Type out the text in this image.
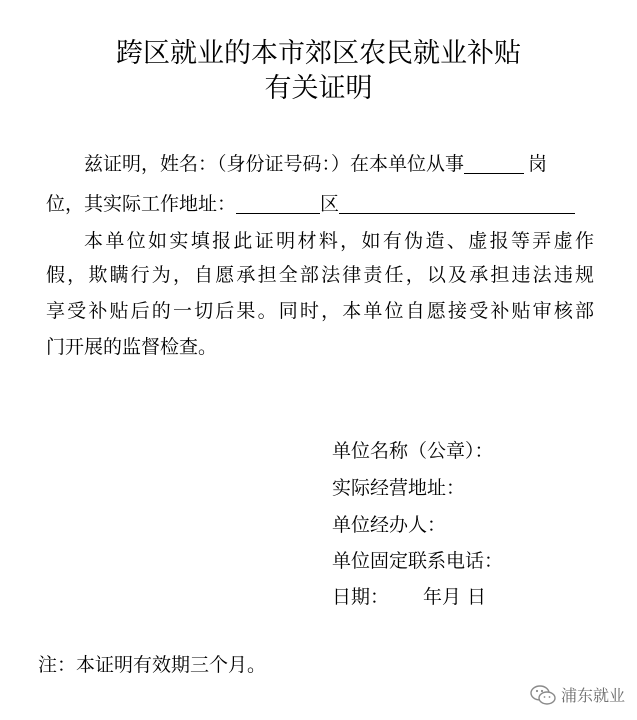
跨区就业的本市郊区农民就业补贴
有关证明
兹证明，姓名：（身份证号码：）在本单位从事	岗
位，其实际工作地址：	区
本单位如实填报此证明材料，如有伪造、虚报等弄虚作
假，欺瞒行为，自愿承担全部法律责任，以及承担违法违规
享受补贴后的一切后果。同时，本单位自愿接受补贴审核部
门开展的监督检查。
单位名称（公章）：
实际经营地址：
单位经办人：
单位固定联系电话：
日期： 年月 日
注：本证明有效期三个月。
浦东就业
